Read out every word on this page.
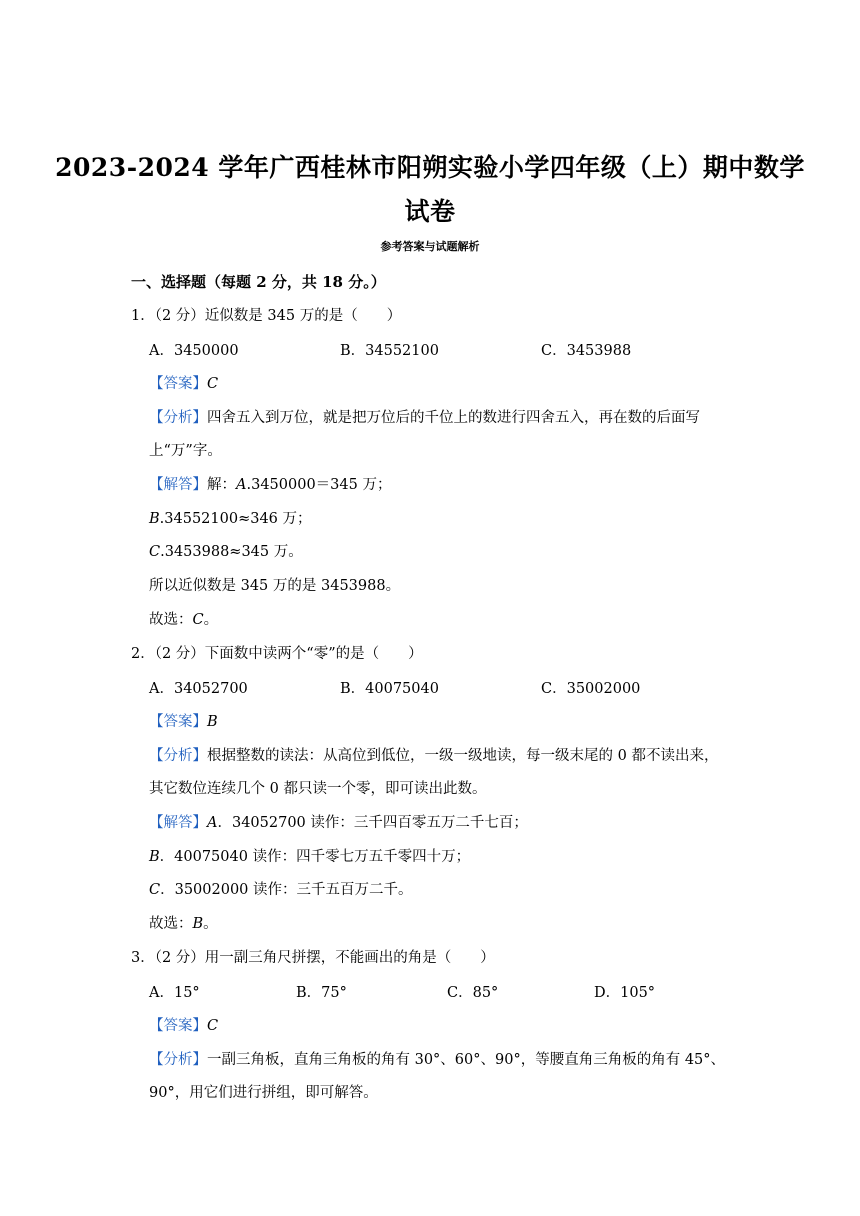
2023-2024 学年广西桂林市阳朔实验小学四年级（上）期中数学
试卷
参考答案与试题解析
一、选择题（每题 2 分，共 18 分。）
1．（2 分）近似数是 345 万的是（　　）
A．3450000	B．34552100	C．3453988
【答案】C
【分析】四舍五入到万位，就是把万位后的千位上的数进行四舍五入，再在数的后面写
上“万”字。
【解答】解：A.3450000＝345 万；
B.34552100≈346 万；
C.3453988≈345 万。
所以近似数是 345 万的是 3453988。
故选：C。
2．（2 分）下面数中读两个“零”的是（　　）
A．34052700	B．40075040	C．35002000
【答案】B
【分析】根据整数的读法：从高位到低位，一级一级地读，每一级末尾的 0 都不读出来，
其它数位连续几个 0 都只读一个零，即可读出此数。
【解答】A．34052700 读作：三千四百零五万二千七百；
B．40075040 读作：四千零七万五千零四十万；
C．35002000 读作：三千五百万二千。
故选：B。
3．（2 分）用一副三角尺拼摆，不能画出的角是（　　）
A．15°	B．75°	C．85°	D．105°
【答案】C
【分析】一副三角板，直角三角板的角有 30°、60°、90°，等腰直角三角板的角有 45°、
90°，用它们进行拼组，即可解答。
